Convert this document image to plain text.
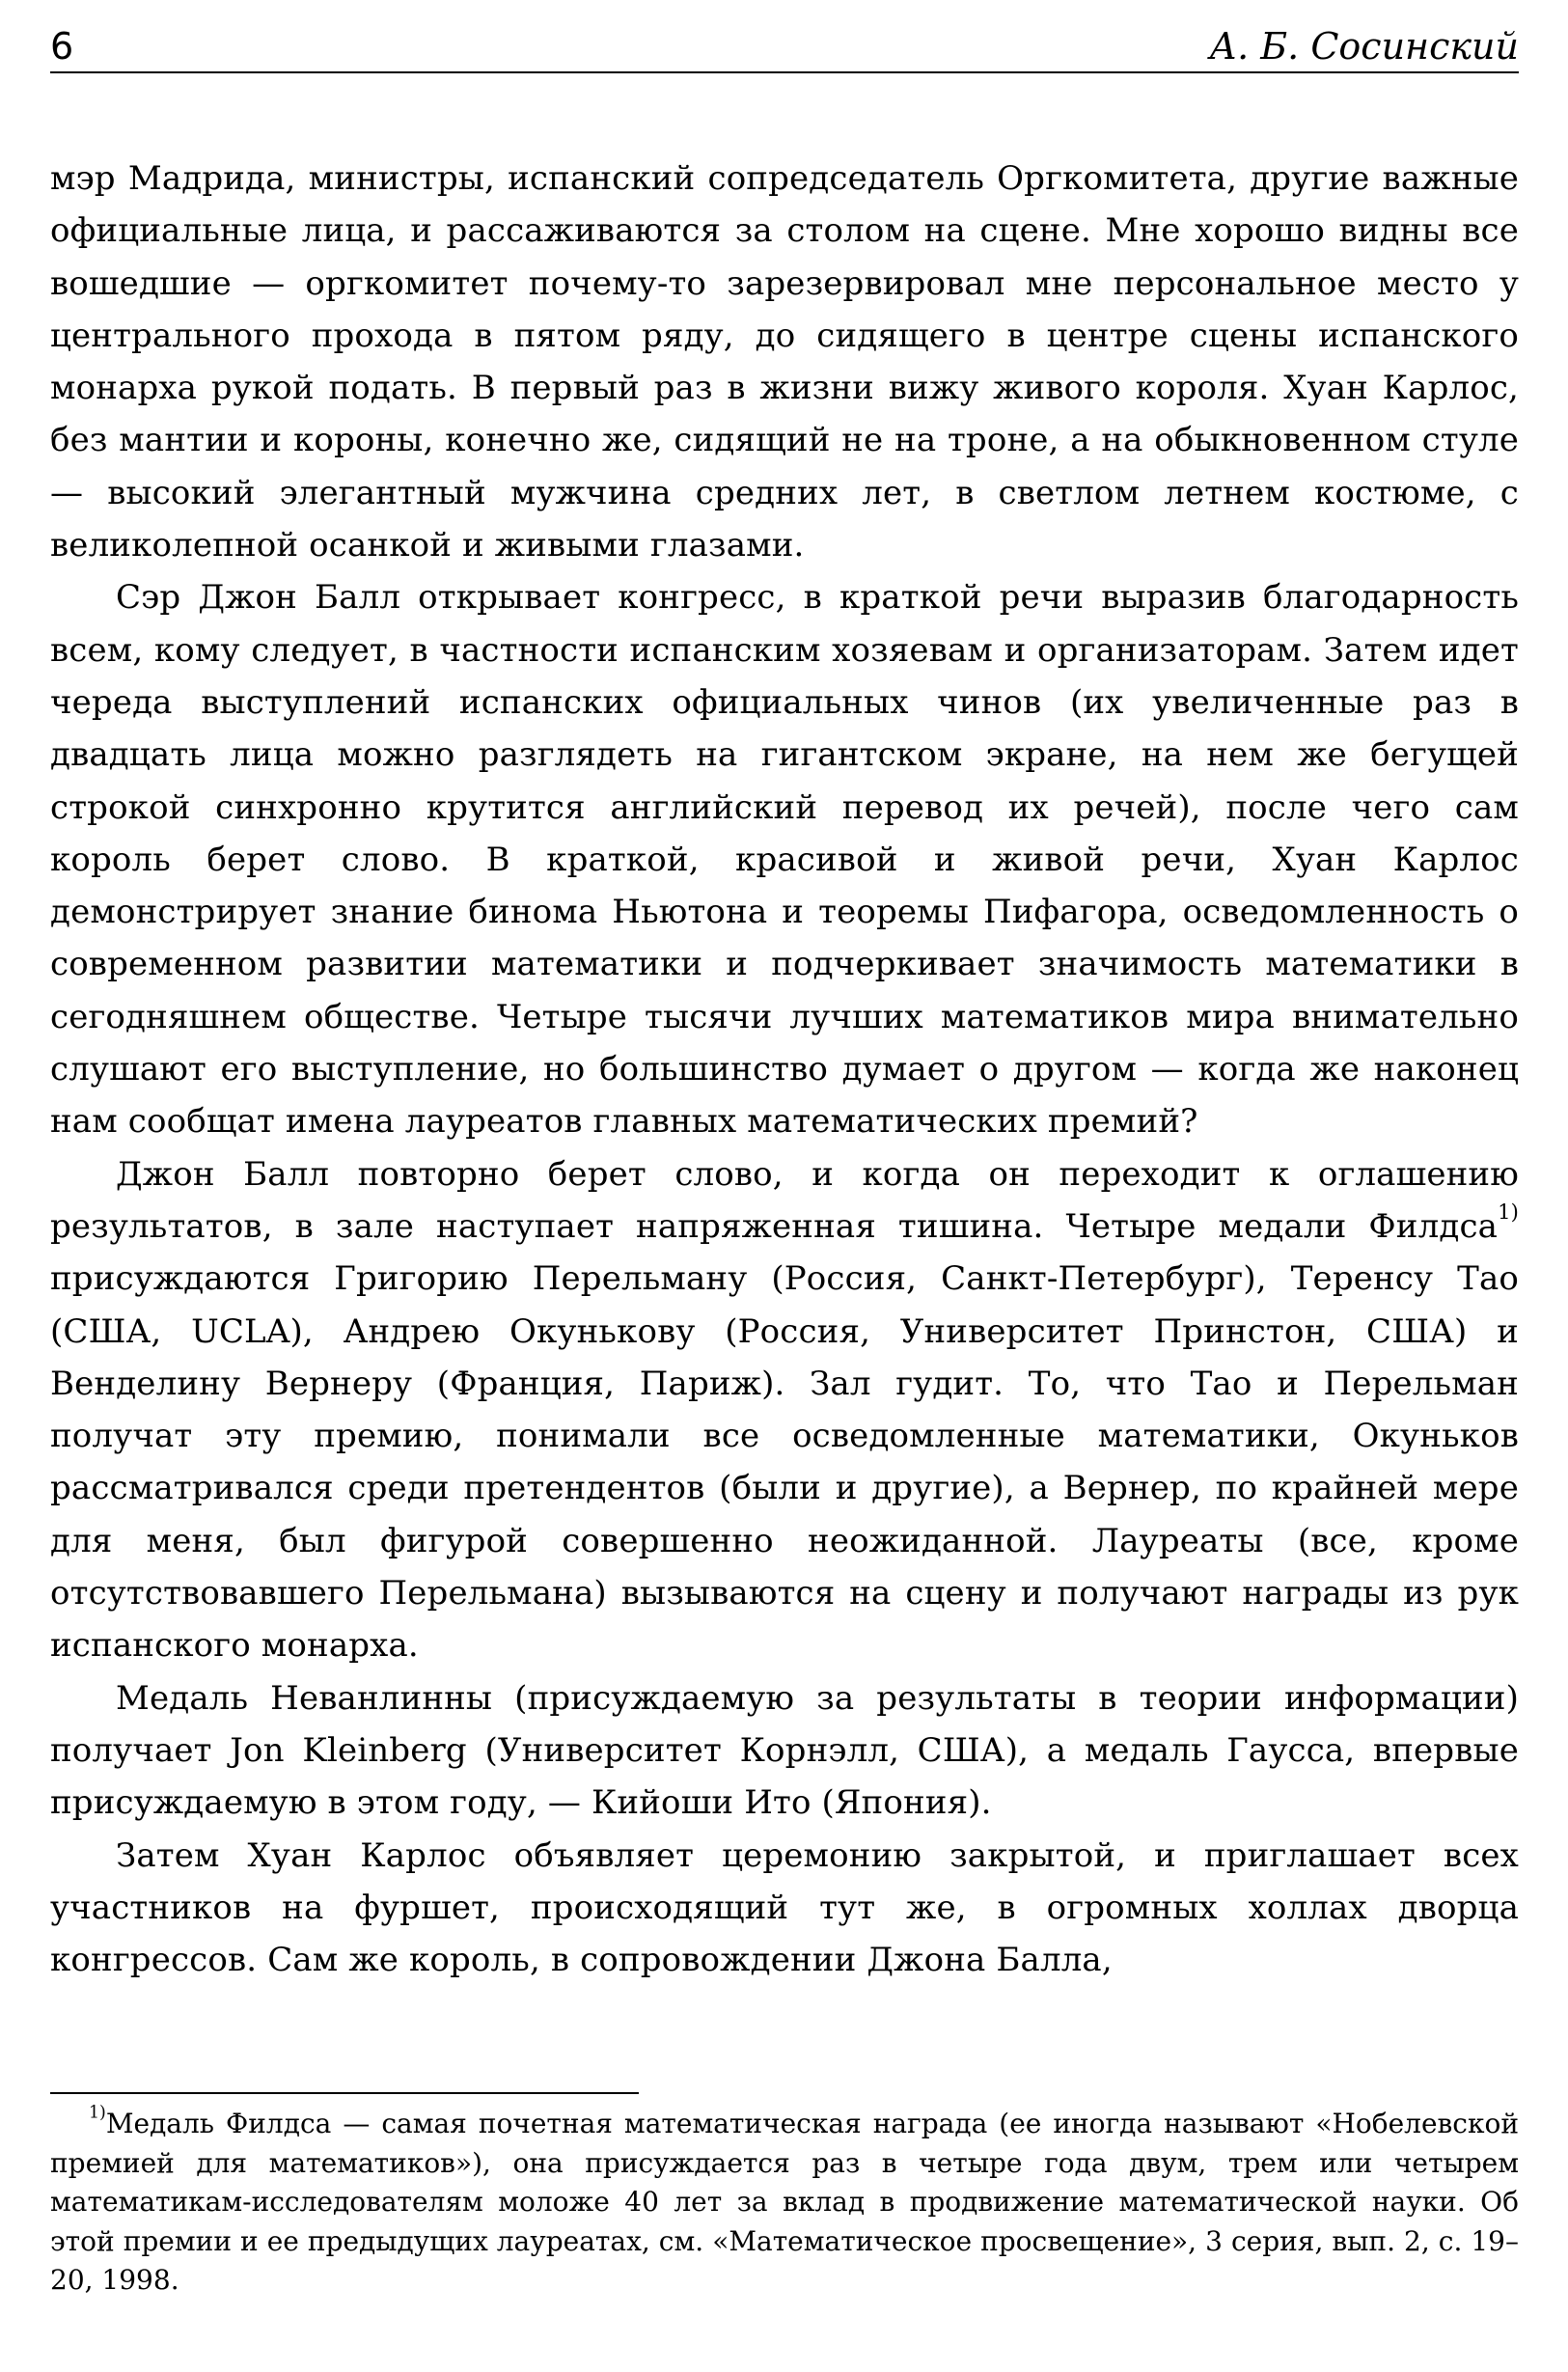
6	А. Б. Сосинский

мэр Мадрида, министры, испанский сопредседатель Оргкомитета, другие важные официальные лица, и рассаживаются за столом на сцене. Мне хорошо видны все вошедшие — оргкомитет почему-то зарезервировал мне персональное место у центрального прохода в пятом ряду, до сидящего в центре сцены испанского монарха рукой подать. В первый раз в жизни вижу живого короля. Хуан Карлос, без мантии и короны, конечно же, сидящий не на троне, а на обыкновенном стуле — высокий элегантный мужчина средних лет, в светлом летнем костюме, с великолепной осанкой и живыми глазами.

Сэр Джон Балл открывает конгресс, в краткой речи выразив благодарность всем, кому следует, в частности испанским хозяевам и организаторам. Затем идет череда выступлений испанских официальных чинов (их увеличенные раз в двадцать лица можно разглядеть на гигантском экране, на нем же бегущей строкой синхронно крутится английский перевод их речей), после чего сам король берет слово. В краткой, красивой и живой речи, Хуан Карлос демонстрирует знание бинома Ньютона и теоремы Пифагора, осведомленность о современном развитии математики и подчеркивает значимость математики в сегодняшнем обществе. Четыре тысячи лучших математиков мира внимательно слушают его выступление, но большинство думает о другом — когда же наконец нам сообщат имена лауреатов главных математических премий?

Джон Балл повторно берет слово, и когда он переходит к оглашению результатов, в зале наступает напряженная тишина. Четыре медали Филдса$^{1)}$ присуждаются Григорию Перельману (Россия, Санкт-Петербург), Теренсу Тао (США, UCLA), Андрею Окунькову (Россия, Университет Принстон, США) и Венделину Вернеру (Франция, Париж). Зал гудит. То, что Тао и Перельман получат эту премию, понимали все осведомленные математики, Окуньков рассматривался среди претендентов (были и другие), а Вернер, по крайней мере для меня, был фигурой совершенно неожиданной. Лауреаты (все, кроме отсутствовавшего Перельмана) вызываются на сцену и получают награды из рук испанского монарха.

Медаль Неванлинны (присуждаемую за результаты в теории информации) получает Jon Kleinberg (Университет Корнэлл, США), а медаль Гаусса, впервые присуждаемую в этом году, — Кийоши Ито (Япония).

Затем Хуан Карлос объявляет церемонию закрытой, и приглашает всех участников на фуршет, происходящий тут же, в огромных холлах дворца конгрессов. Сам же король, в сопровождении Джона Балла,

$^{1)}$Медаль Филдса — самая почетная математическая награда (ее иногда называют «Нобелевской премией для математиков»), она присуждается раз в четыре года двум, трем или четырем математикам-исследователям моложе 40 лет за вклад в продвижение математической науки. Об этой премии и ее предыдущих лауреатах, см. «Математическое просвещение», 3 серия, вып. 2, с. 19–20, 1998.
